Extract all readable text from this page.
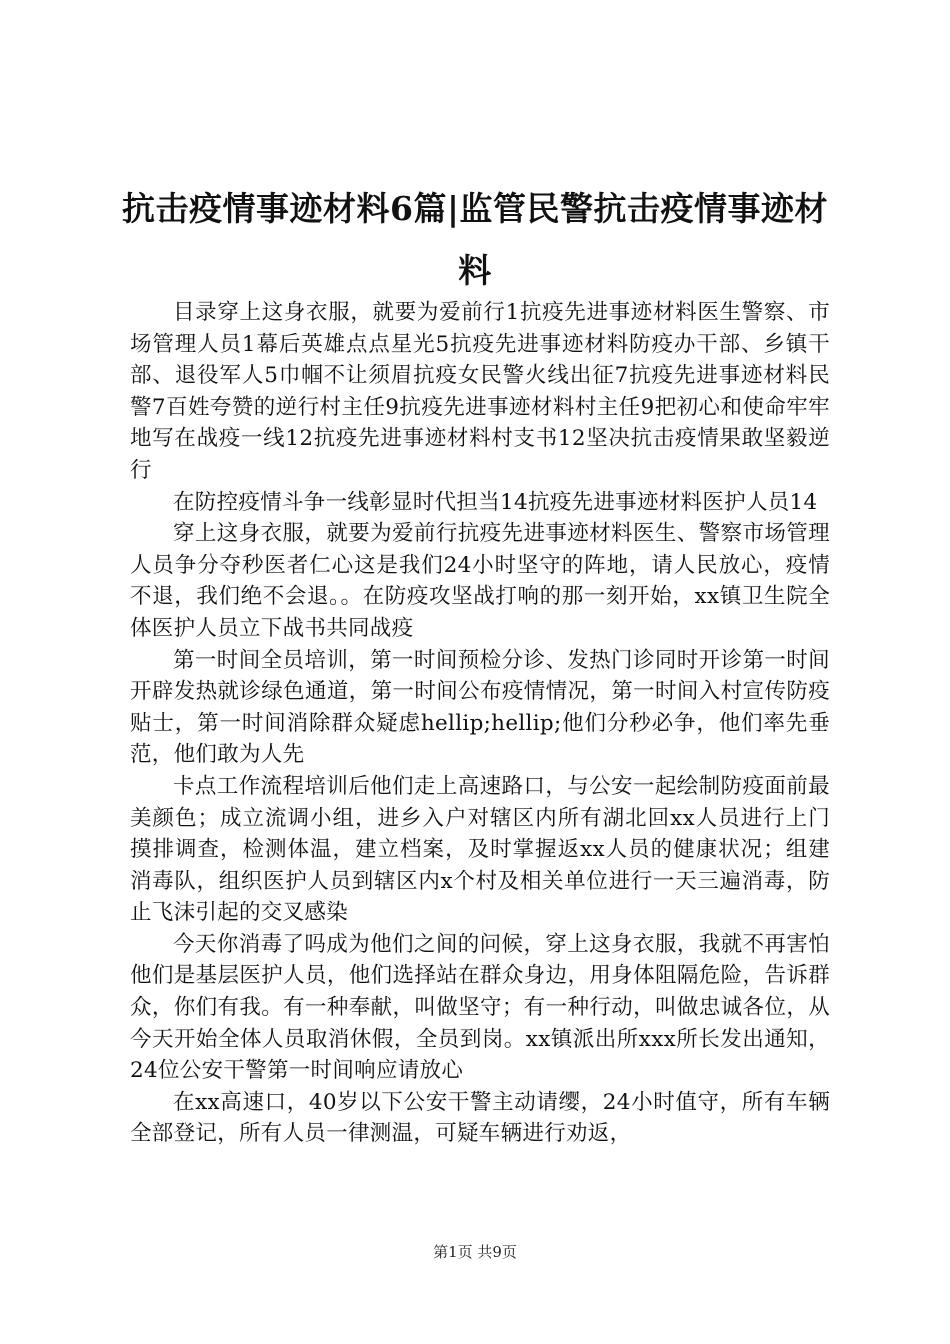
抗击疫情事迹材料6篇|监管民警抗击疫情事迹材料

目录穿上这身衣服，就要为爱前行1抗疫先进事迹材料医生警察、市场管理人员1幕后英雄点点星光5抗疫先进事迹材料防疫办干部、乡镇干部、退役军人5巾帼不让须眉抗疫女民警火线出征7抗疫先进事迹材料民警7百姓夸赞的逆行村主任9抗疫先进事迹材料村主任9把初心和使命牢牢地写在战疫一线12抗疫先进事迹材料村支书12坚决抗击疫情果敢坚毅逆行

在防控疫情斗争一线彰显时代担当14抗疫先进事迹材料医护人员14

穿上这身衣服，就要为爱前行抗疫先进事迹材料医生、警察市场管理人员争分夺秒医者仁心这是我们24小时坚守的阵地，请人民放心，疫情不退，我们绝不会退。。在防疫攻坚战打响的那一刻开始，xx镇卫生院全体医护人员立下战书共同战疫

第一时间全员培训，第一时间预检分诊、发热门诊同时开诊第一时间开辟发热就诊绿色通道，第一时间公布疫情情况，第一时间入村宣传防疫贴士，第一时间消除群众疑虑hellip;hellip;他们分秒必争，他们率先垂范，他们敢为人先

卡点工作流程培训后他们走上高速路口，与公安一起绘制防疫面前最美颜色；成立流调小组，进乡入户对辖区内所有湖北回xx人员进行上门摸排调查，检测体温，建立档案，及时掌握返xx人员的健康状况；组建消毒队，组织医护人员到辖区内x个村及相关单位进行一天三遍消毒，防止飞沫引起的交叉感染

今天你消毒了吗成为他们之间的问候，穿上这身衣服，我就不再害怕他们是基层医护人员，他们选择站在群众身边，用身体阻隔危险，告诉群众，你们有我。有一种奉献，叫做坚守；有一种行动，叫做忠诚各位，从今天开始全体人员取消休假，全员到岗。xx镇派出所xxx所长发出通知，24位公安干警第一时间响应请放心

在xx高速口，40岁以下公安干警主动请缨，24小时值守，所有车辆全部登记，所有人员一律测温，可疑车辆进行劝返，

第1页 共9页
